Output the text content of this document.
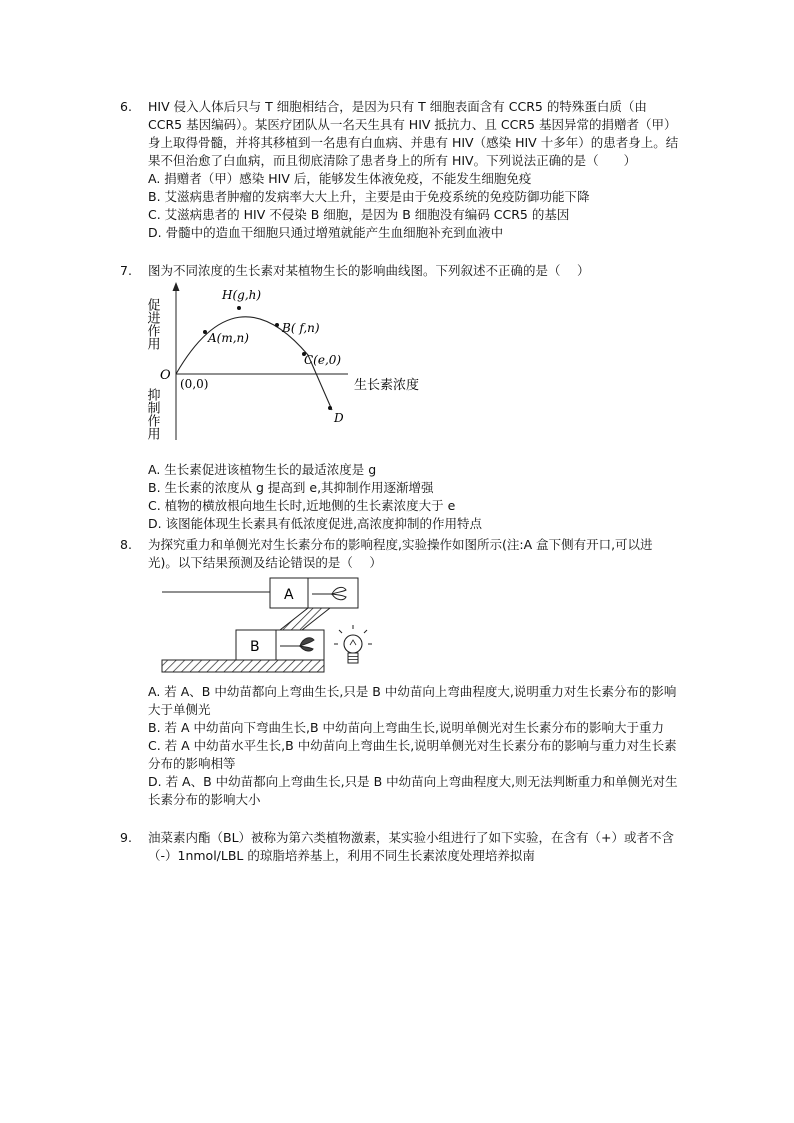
6.	HIV 侵入人体后只与 T 细胞相结合，是因为只有 T 细胞表面含有 CCR5 的特殊蛋白质（由 CCR5 基因编码）。某医疗团队从一名天生具有 HIV 抵抗力、且 CCR5 基因异常的捐赠者（甲）身上取得骨髓，并将其移植到一名患有白血病、并患有 HIV（感染 HIV 十多年）的患者身上。结果不但治愈了白血病，而且彻底清除了患者身上的所有 HIV。下列说法正确的是（　　）
A. 捐赠者（甲）感染 HIV 后，能够发生体液免疫，不能发生细胞免疫
B. 艾滋病患者肿瘤的发病率大大上升，主要是由于免疫系统的免疫防御功能下降
C. 艾滋病患者的 HIV 不侵染 B 细胞，是因为 B 细胞没有编码 CCR5 的基因
D. 骨髓中的造血干细胞只通过增殖就能产生血细胞补充到血液中
7.	图为不同浓度的生长素对某植物生长的影响曲线图。下列叙述不正确的是（　 ）
促进作用
抑制作用
O
(0,0)
A(m,n)
H(g,h)
B( f,n)
C(e,0)
D
生长素浓度
A. 生长素促进该植物生长的最适浓度是 g
B. 生长素的浓度从 g 提高到 e,其抑制作用逐渐增强
C. 植物的横放根向地生长时,近地侧的生长素浓度大于 e
D. 该图能体现生长素具有低浓度促进,高浓度抑制的作用特点
8.	为探究重力和单侧光对生长素分布的影响程度,实验操作如图所示(注:A 盒下侧有开口,可以进光)。以下结果预测及结论错误的是（　 ）
A
B
A. 若 A、B 中幼苗都向上弯曲生长,只是 B 中幼苗向上弯曲程度大,说明重力对生长素分布的影响大于单侧光
B. 若 A 中幼苗向下弯曲生长,B 中幼苗向上弯曲生长,说明单侧光对生长素分布的影响大于重力
C. 若 A 中幼苗水平生长,B 中幼苗向上弯曲生长,说明单侧光对生长素分布的影响与重力对生长素分布的影响相等
D. 若 A、B 中幼苗都向上弯曲生长,只是 B 中幼苗向上弯曲程度大,则无法判断重力和单侧光对生长素分布的影响大小
9.	油菜素内酯（BL）被称为第六类植物激素，某实验小组进行了如下实验，在含有（+）或者不含（-）1nmol/LBL 的琼脂培养基上，利用不同生长素浓度处理培养拟南
